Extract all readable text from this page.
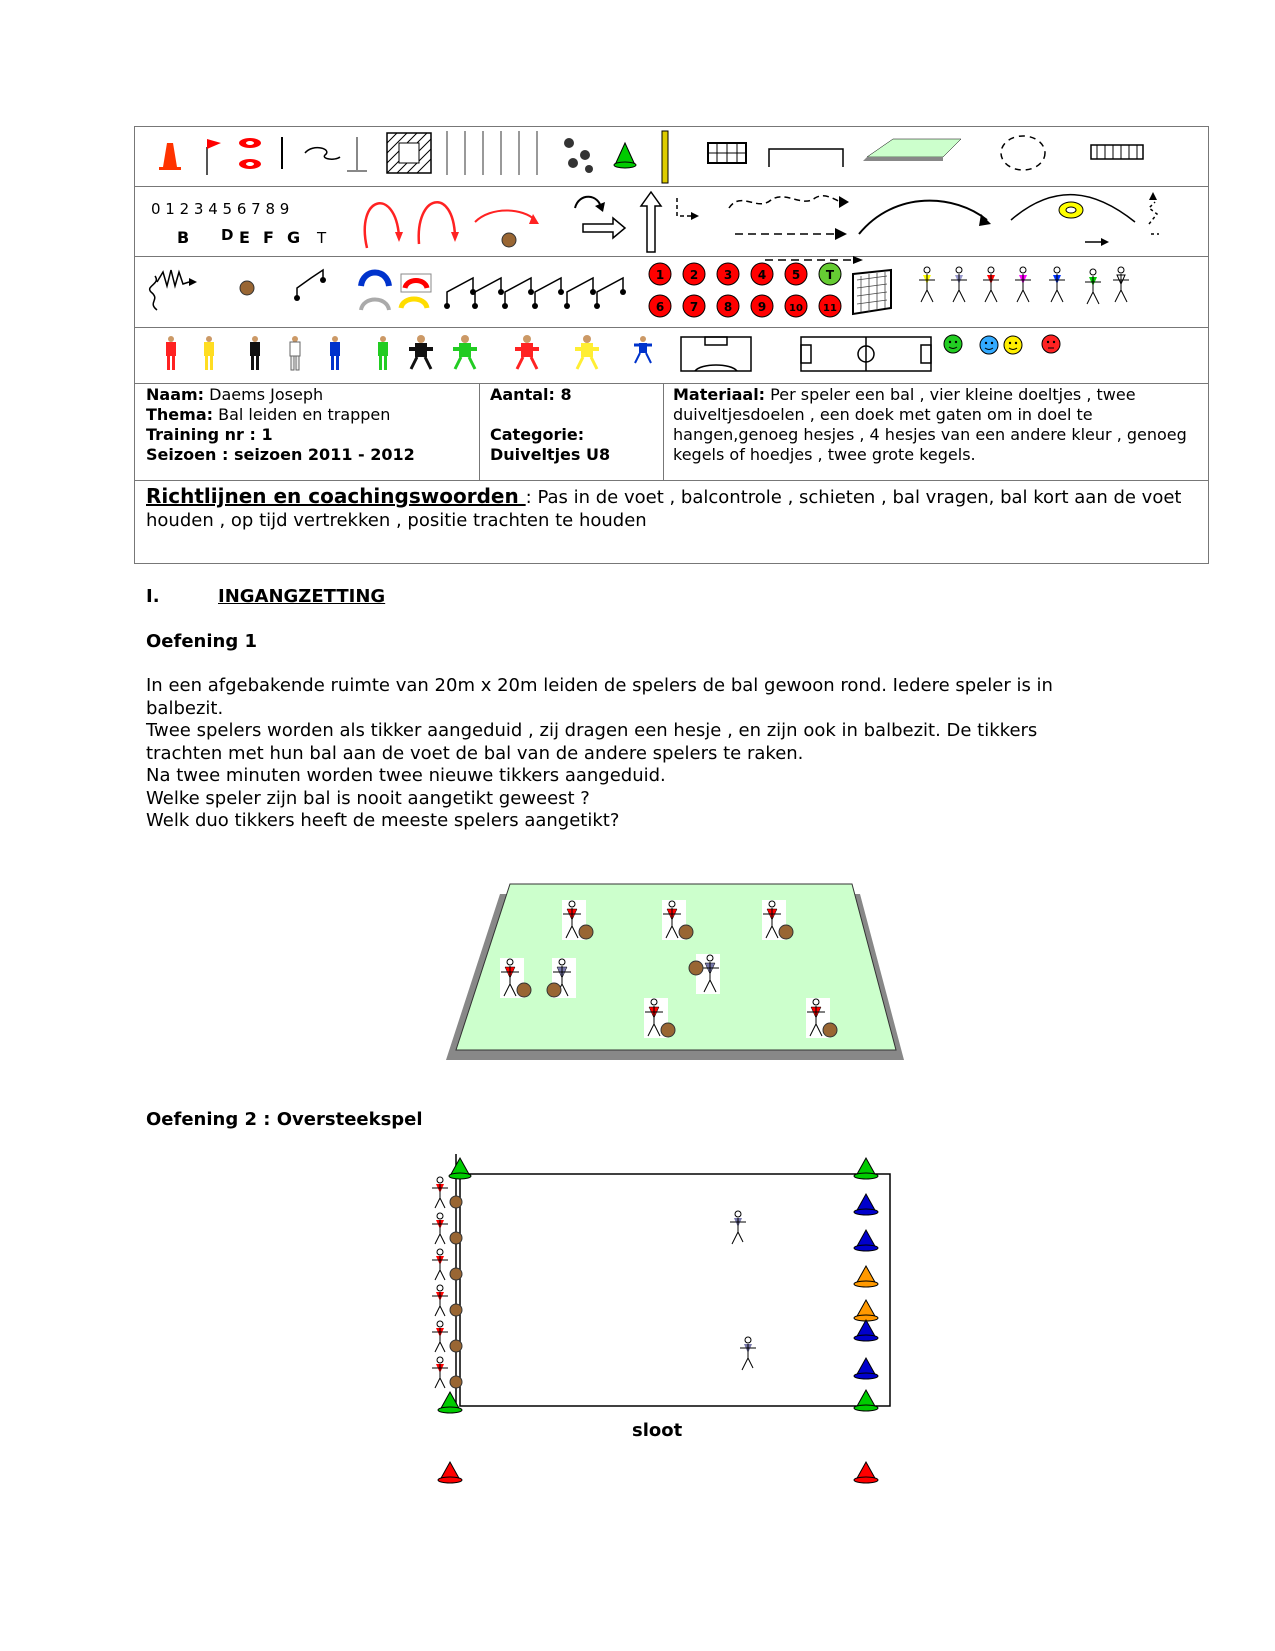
0 1 2 3 4 5 6 7 8 9
B D E F G T
1 2 3 4 5 T
6 7 8 9 10 11
Naam: Daems Joseph
Thema: Bal leiden en trappen
Training nr : 1
Seizoen : seizoen 2011 - 2012
Aantal: 8

Categorie:
Duiveltjes U8
Materiaal: Per speler een bal , vier kleine doeltjes , twee duiveltjesdoelen , een doek met gaten om in doel te hangen,genoeg hesjes , 4 hesjes van een andere kleur , genoeg kegels of hoedjes , twee grote kegels.
Richtlijnen en coachingswoorden : Pas in de voet , balcontrole , schieten , bal vragen, bal kort aan de voet houden , op tijd vertrekken , positie trachten te houden
I.	INGANGZETTING
Oefening 1
In een afgebakende ruimte van 20m x 20m leiden de spelers de bal gewoon rond. Iedere speler is in balbezit.
Twee spelers worden als tikker aangeduid , zij dragen een hesje , en zijn ook in balbezit. De tikkers trachten met hun bal aan de voet de bal van de andere spelers te raken.
Na twee minuten worden twee nieuwe tikkers aangeduid.
Welke speler zijn bal is nooit aangetikt geweest ?
Welk duo tikkers heeft de meeste spelers aangetikt?
Oefening 2 : Oversteekspel
sloot
